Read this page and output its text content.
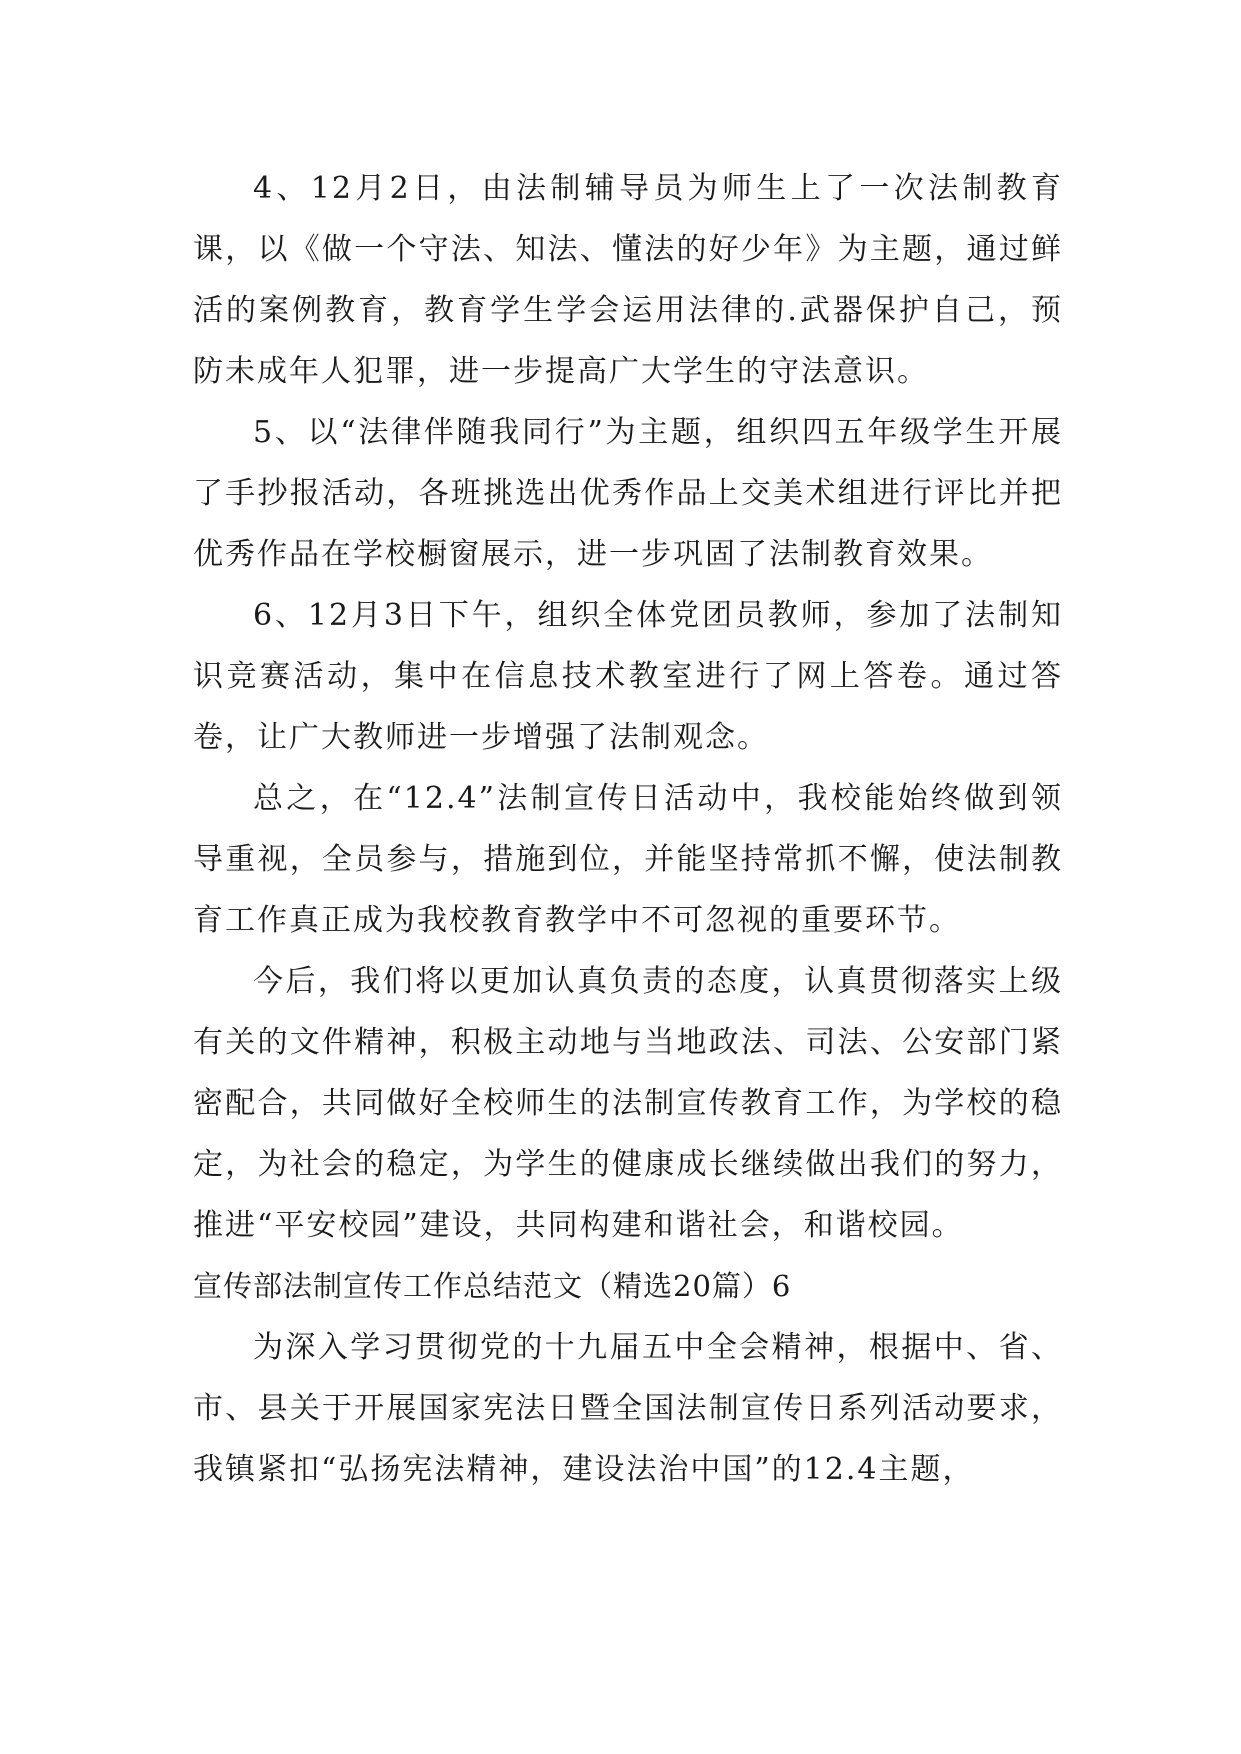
4、12月2日，由法制辅导员为师生上了一次法制教育课，以《做一个守法、知法、懂法的好少年》为主题，通过鲜活的案例教育，教育学生学会运用法律的.武器保护自己，预防未成年人犯罪，进一步提高广大学生的守法意识。

5、以“法律伴随我同行”为主题，组织四五年级学生开展了手抄报活动，各班挑选出优秀作品上交美术组进行评比并把优秀作品在学校橱窗展示，进一步巩固了法制教育效果。

6、12月3日下午，组织全体党团员教师，参加了法制知识竞赛活动，集中在信息技术教室进行了网上答卷。通过答卷，让广大教师进一步增强了法制观念。

总之，在“12.4”法制宣传日活动中，我校能始终做到领导重视，全员参与，措施到位，并能坚持常抓不懈，使法制教育工作真正成为我校教育教学中不可忽视的重要环节。

今后，我们将以更加认真负责的态度，认真贯彻落实上级有关的文件精神，积极主动地与当地政法、司法、公安部门紧密配合，共同做好全校师生的法制宣传教育工作，为学校的稳定，为社会的稳定，为学生的健康成长继续做出我们的努力，推进“平安校园”建设，共同构建和谐社会，和谐校园。

宣传部法制宣传工作总结范文（精选20篇）6

为深入学习贯彻党的十九届五中全会精神，根据中、省、市、县关于开展国家宪法日暨全国法制宣传日系列活动要求，我镇紧扣“弘扬宪法精神，建设法治中国”的12.4主题，
